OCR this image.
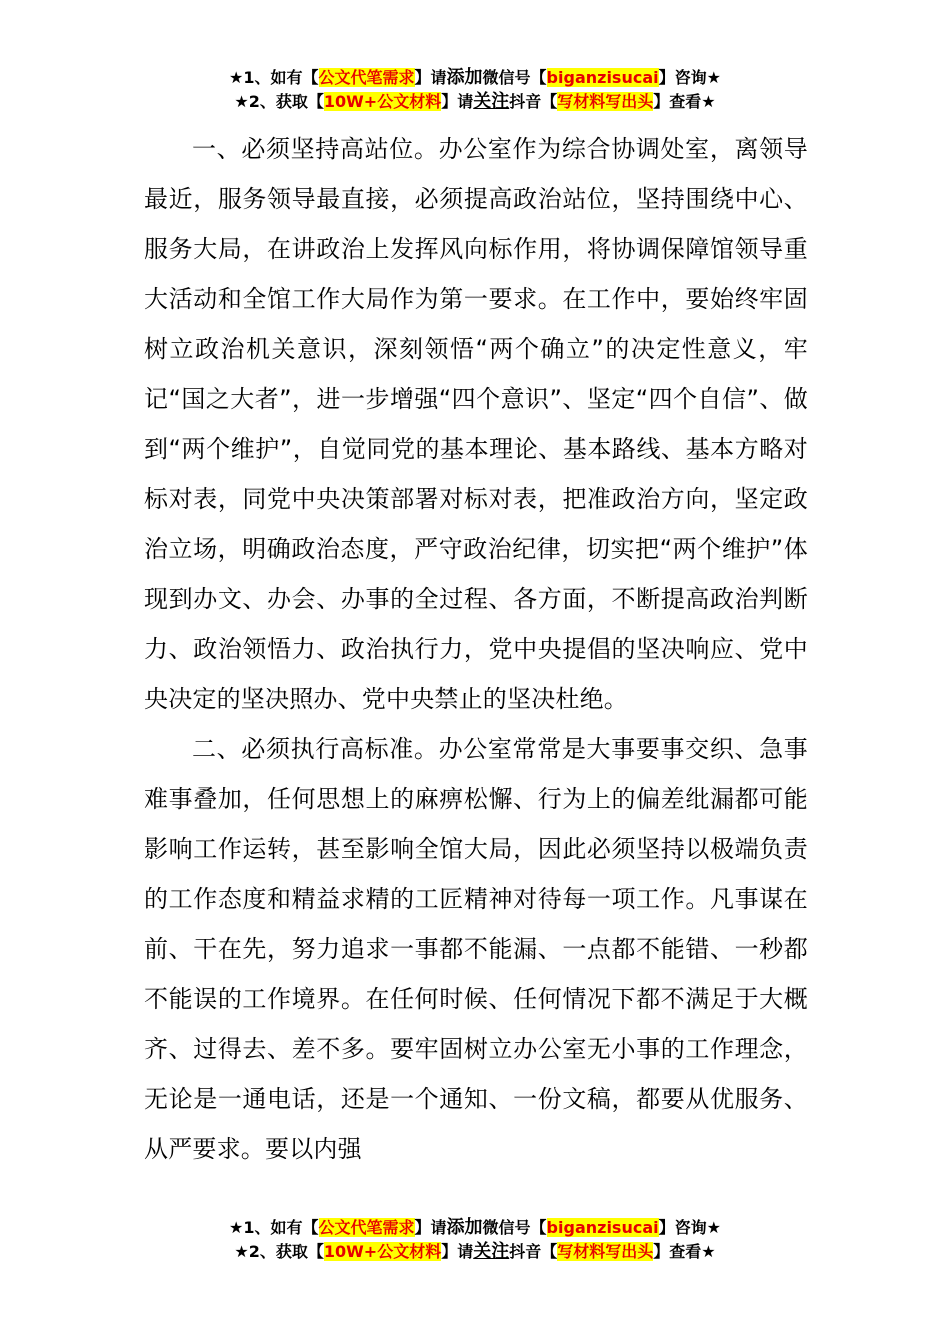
★1、如有【公文代笔需求】请添加微信号【biganzisucai】咨询★
★2、获取【10W+公文材料】请关注抖音【写材料写出头】查看★

一、必须坚持高站位。办公室作为综合协调处室，离领导最近，服务领导最直接，必须提高政治站位，坚持围绕中心、服务大局，在讲政治上发挥风向标作用，将协调保障馆领导重大活动和全馆工作大局作为第一要求。在工作中，要始终牢固树立政治机关意识，深刻领悟“两个确立”的决定性意义，牢记“国之大者”，进一步增强“四个意识”、坚定“四个自信”、做到“两个维护”，自觉同党的基本理论、基本路线、基本方略对标对表，同党中央决策部署对标对表，把准政治方向，坚定政治立场，明确政治态度，严守政治纪律，切实把“两个维护”体现到办文、办会、办事的全过程、各方面，不断提高政治判断力、政治领悟力、政治执行力，党中央提倡的坚决响应、党中央决定的坚决照办、党中央禁止的坚决杜绝。

二、必须执行高标准。办公室常常是大事要事交织、急事难事叠加，任何思想上的麻痹松懈、行为上的偏差纰漏都可能影响工作运转，甚至影响全馆大局，因此必须坚持以极端负责的工作态度和精益求精的工匠精神对待每一项工作。凡事谋在前、干在先，努力追求一事都不能漏、一点都不能错、一秒都不能误的工作境界。在任何时候、任何情况下都不满足于大概齐、过得去、差不多。要牢固树立办公室无小事的工作理念，无论是一通电话，还是一个通知、一份文稿，都要从优服务、从严要求。要以内强

★1、如有【公文代笔需求】请添加微信号【biganzisucai】咨询★
★2、获取【10W+公文材料】请关注抖音【写材料写出头】查看★
